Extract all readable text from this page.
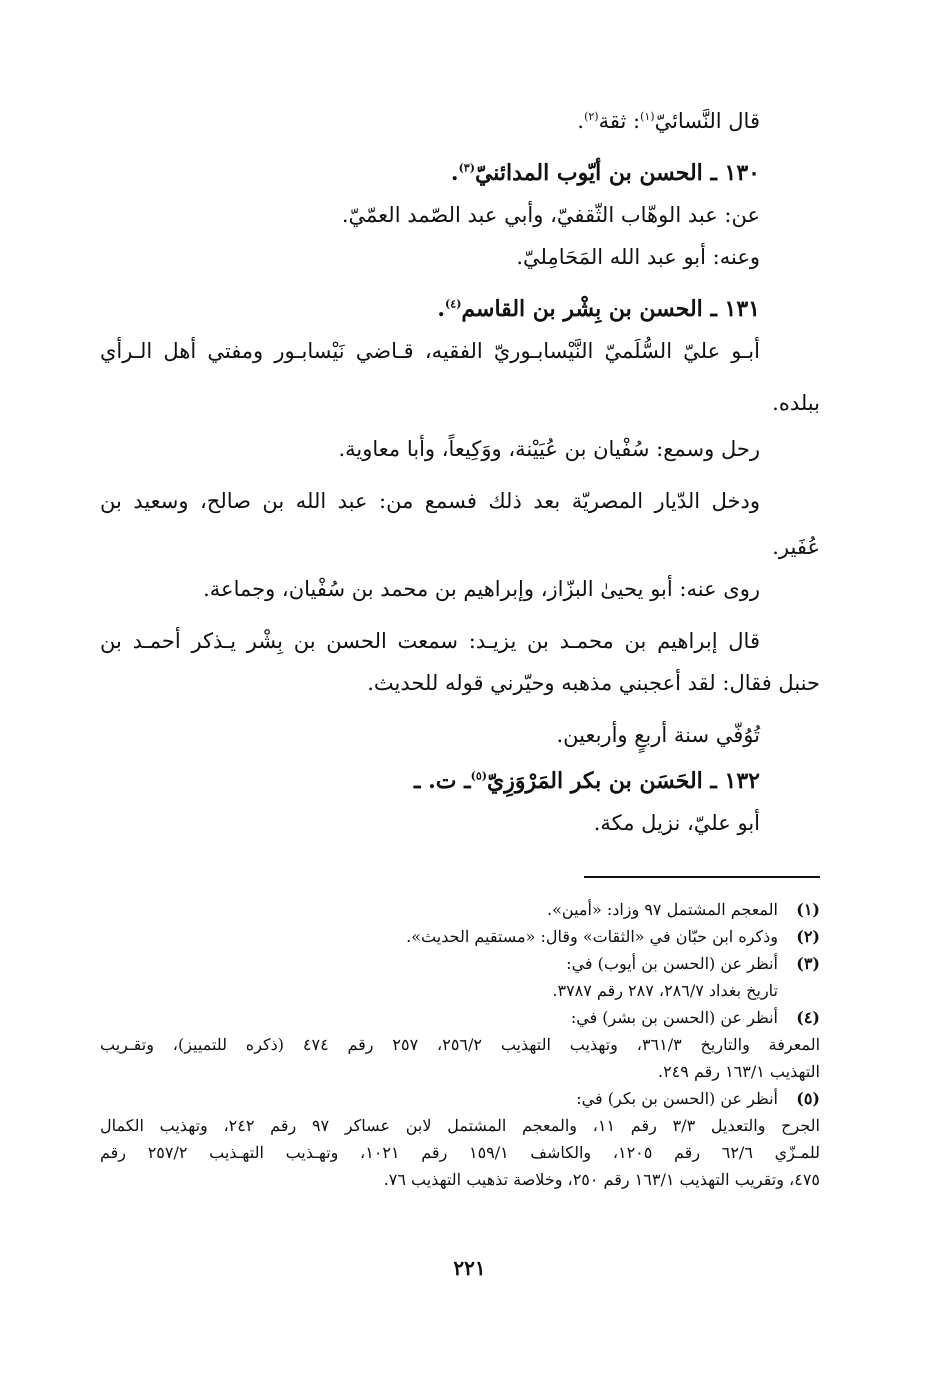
قال النَّسائيّ$^{(١)}$: ثقة$^{(٢)}$.

١٣٠ ـ الحسن بن أيّوب المدائنيّ$^{(٣)}$.

عن: عبد الوهّاب الثّقفيّ، وأبي عبد الصّمد العمّيّ.

وعنه: أبو عبد الله المَحَامِليّ.

١٣١ ـ الحسن بن بِشْر بن القاسم$^{(٤)}$.

أبـو عليّ السُّلَميّ النَّيْسابـوريّ الفقيه، قـاضي نَيْسابـور ومفتي أهل الـرأي

ببلده.

رحل وسمع: سُفْيان بن عُيَيْنة، ووَكِيعاً، وأبا معاوية.

ودخل الدّيار المصريّة بعد ذلك فسمع من: عبد الله بن صالح، وسعيد بن

عُفَير.

روى عنه: أبو يحيىٰ البزّاز، وإبراهيم بن محمد بن سُفْيان، وجماعة.

قال إبراهيم بن محمـد بن يزيـد: سمعت الحسن بن بِشْر يـذكر أحمـد بن

حنبل فقال: لقد أعجبني مذهبه وحيّرني قوله للحديث.

تُوُفّي سنة أربعٍ وأربعين.

١٣٢ ـ الحَسَن بن بكر المَرْوَزِيّ$^{(٥)}$ـ ت. ـ

أبو عليّ، نزيل مكة.

(١)المعجم المشتمل ٩٧ وزاد: «أمين».

(٢)وذكره ابن حبّان في «الثقات» وقال: «مستقيم الحديث».

(٣)أنظر عن (الحسن بن أيوب) في:

تاريخ بغداد ٢٨٦/٧، ٢٨٧ رقم ٣٧٨٧.

(٤)أنظر عن (الحسن بن بشر) في:

المعرفة والتاريخ ٣٦١/٣، وتهذيب التهذيب ٢٥٦/٢، ٢٥٧ رقم ٤٧٤ (ذكره للتمييز)، وتقـريب

التهذيب ١٦٣/١ رقم ٢٤٩.

(٥)أنظر عن (الحسن بن بكر) في:

الجرح والتعديل ٣/٣ رقم ١١، والمعجم المشتمل لابن عساكر ٩٧ رقم ٢٤٢، وتهذيب الكمال

للمـزّي ٦٢/٦ رقم ١٢٠٥، والكاشف ١٥٩/١ رقم ١٠٢١، وتهـذيب التهـذيب ٢٥٧/٢ رقم

٤٧٥، وتقريب التهذيب ١٦٣/١ رقم ٢٥٠، وخلاصة تذهيب التهذيب ٧٦.

٢٢١
